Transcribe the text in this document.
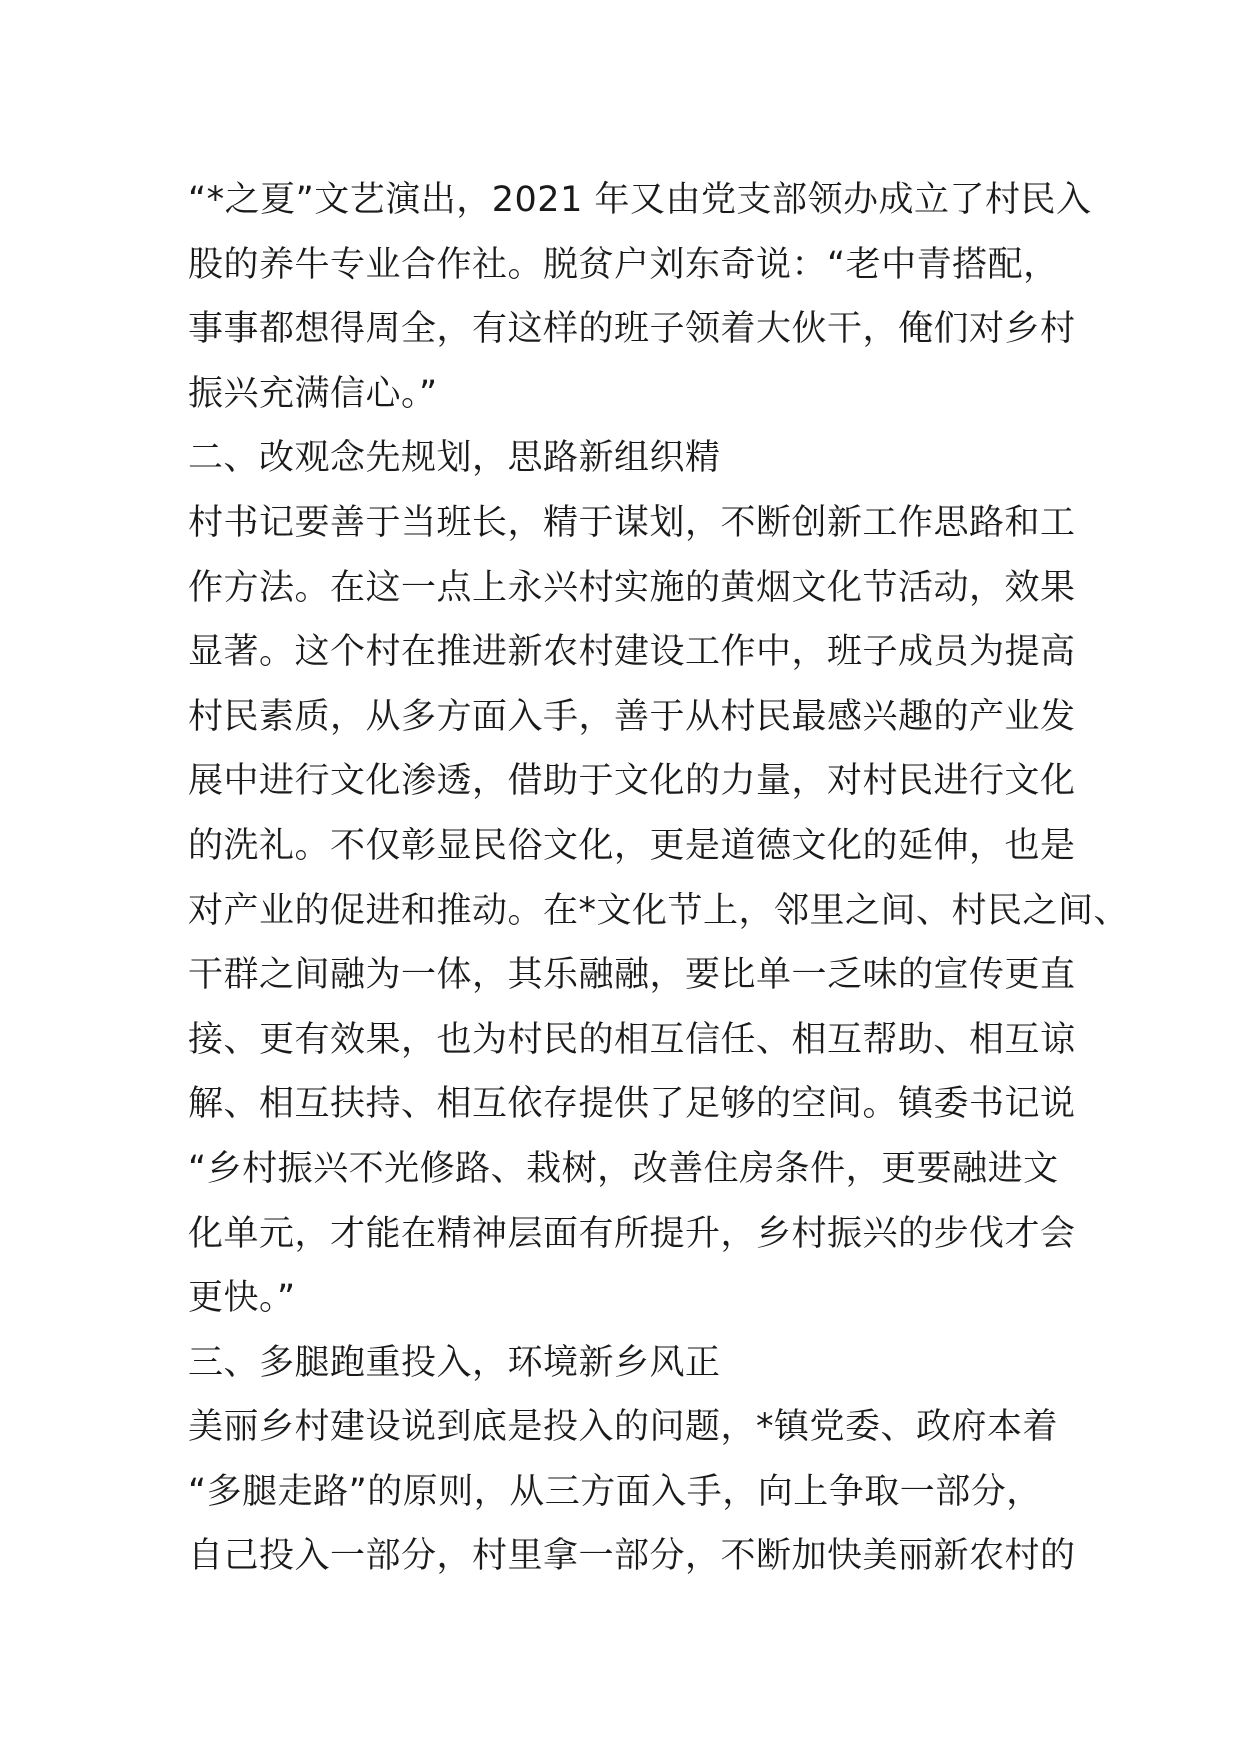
“*之夏”文艺演出，2021 年又由党支部领办成立了村民入
股的养牛专业合作社。脱贫户刘东奇说：“老中青搭配，
事事都想得周全，有这样的班子领着大伙干，俺们对乡村
振兴充满信心。”
二、改观念先规划，思路新组织精
村书记要善于当班长，精于谋划，不断创新工作思路和工
作方法。在这一点上永兴村实施的黄烟文化节活动，效果
显著。这个村在推进新农村建设工作中，班子成员为提高
村民素质，从多方面入手，善于从村民最感兴趣的产业发
展中进行文化渗透，借助于文化的力量，对村民进行文化
的洗礼。不仅彰显民俗文化，更是道德文化的延伸，也是
对产业的促进和推动。在*文化节上，邻里之间、村民之间、
干群之间融为一体，其乐融融，要比单一乏味的宣传更直
接、更有效果，也为村民的相互信任、相互帮助、相互谅
解、相互扶持、相互依存提供了足够的空间。镇委书记说
“乡村振兴不光修路、栽树，改善住房条件，更要融进文
化单元，才能在精神层面有所提升，乡村振兴的步伐才会
更快。”
三、多腿跑重投入，环境新乡风正
美丽乡村建设说到底是投入的问题，*镇党委、政府本着
“多腿走路”的原则，从三方面入手，向上争取一部分，
自己投入一部分，村里拿一部分，不断加快美丽新农村的
